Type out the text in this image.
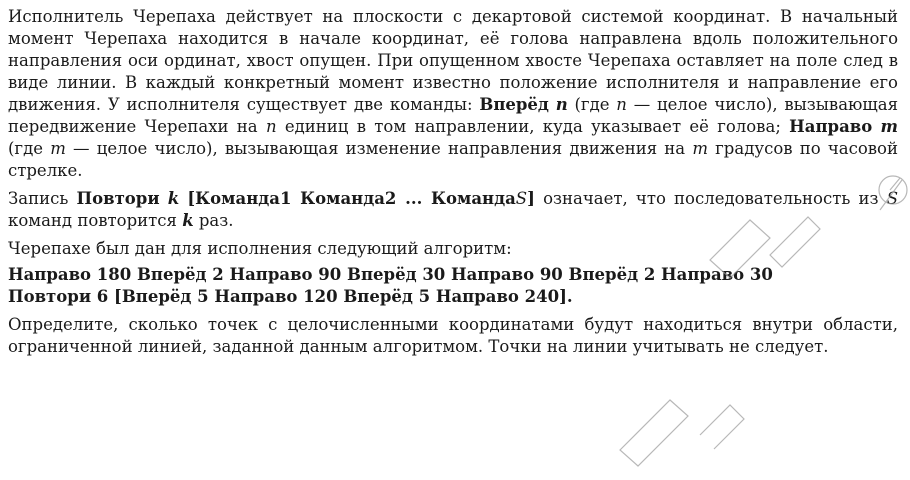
Исполнитель Черепаха действует на плоскости с декартовой системой координат. В начальный момент Черепаха находится в начале координат, её голова направлена вдоль положительного направления оси ординат, хвост опущен. При опущенном хвосте Черепаха оставляет на поле след в виде линии. В каждый конкретный момент известно положение исполнителя и направление его движения. У исполнителя существует две команды: Вперёд n (где n — целое число), вызывающая передвижение Черепахи на n единиц в том направлении, куда указывает её голова; Направо m (где m — целое число), вызывающая изменение направления движения на m градусов по часовой стрелке.

Запись Повтори k [Команда1 Команда2 ... КомандаS] означает, что последовательность из S команд повторится k раз.

Черепахе был дан для исполнения следующий алгоритм:

Направо 180 Вперёд 2 Направо 90 Вперёд 30 Направо 90 Вперёд 2 Направо 30
Повтори 6 [Вперёд 5 Направо 120 Вперёд 5 Направо 240].

Определите, сколько точек с целочисленными координатами будут находиться внутри области, ограниченной линией, заданной данным алгоритмом. Точки на линии учитывать не следует.
